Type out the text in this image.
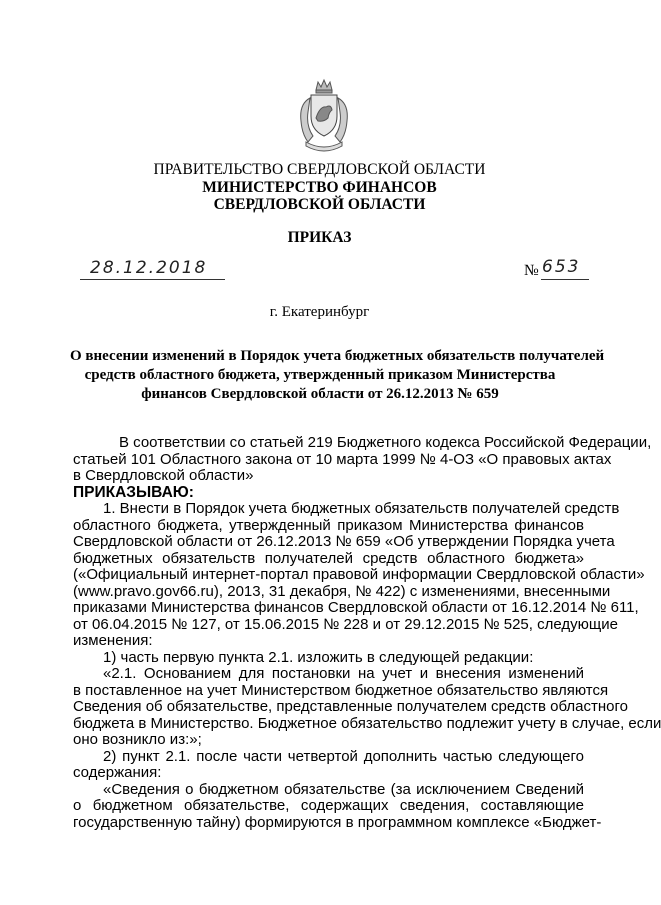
ПРАВИТЕЛЬСТВО СВЕРДЛОВСКОЙ ОБЛАСТИ
МИНИСТЕРСТВО ФИНАНСОВ
СВЕРДЛОВСКОЙ ОБЛАСТИ
ПРИКАЗ
28.12.2018	№ 653
г. Екатеринбург
О внесении изменений в Порядок учета бюджетных обязательств получателей
средств областного бюджета, утвержденный приказом Министерства
финансов Свердловской области от 26.12.2013 № 659
В соответствии со статьей 219 Бюджетного кодекса Российской Федерации,
статьей 101 Областного закона от 10 марта 1999 № 4-ОЗ «О правовых актах
в Свердловской области»
ПРИКАЗЫВАЮ:
1. Внести в Порядок учета бюджетных обязательств получателей средств
областного бюджета, утвержденный приказом Министерства финансов
Свердловской области от 26.12.2013 № 659 «Об утверждении Порядка учета
бюджетных обязательств получателей средств областного бюджета»
(«Официальный интернет-портал правовой информации Свердловской области»
(www.pravo.gov66.ru), 2013, 31 декабря, № 422) с изменениями, внесенными
приказами Министерства финансов Свердловской области от 16.12.2014 № 611,
от 06.04.2015 № 127, от 15.06.2015 № 228 и от 29.12.2015 № 525, следующие
изменения:
1) часть первую пункта 2.1. изложить в следующей редакции:
«2.1. Основанием для постановки на учет и внесения изменений
в поставленное на учет Министерством бюджетное обязательство являются
Сведения об обязательстве, представленные получателем средств областного
бюджета в Министерство. Бюджетное обязательство подлежит учету в случае, если
оно возникло из:»;
2) пункт 2.1. после части четвертой дополнить частью следующего
содержания:
«Сведения о бюджетном обязательстве (за исключением Сведений
о бюджетном обязательстве, содержащих сведения, составляющие
государственную тайну) формируются в программном комплексе «Бюджет-
